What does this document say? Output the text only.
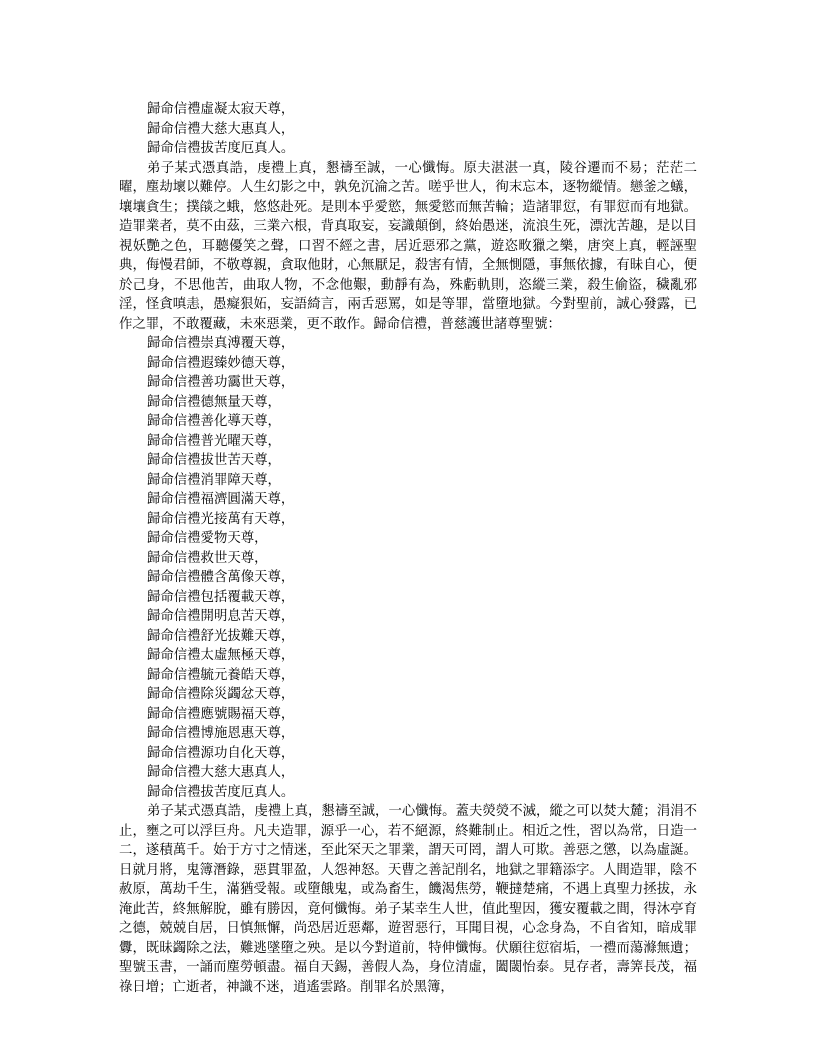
歸命信禮虛凝太寂天尊，
歸命信禮大慈大惠真人，
歸命信禮拔苦度厄真人。
弟子某式憑真誥，虔禮上真，懇禱至誠，一心懺悔。原夫湛湛一真，陵谷遷而不易；茫茫二曜，塵劫壞以難停。人生幻影之中，孰免沉淪之苦。嗟乎世人，徇末忘本，逐物縱情。戀釜之蟻，壤壤貪生；撲燄之蛾，悠悠赴死。是則本乎愛慾，無愛慾而無苦輪；造諸罪愆，有罪愆而有地獄。造罪業者，莫不由茲，三業六根，背真取妄，妄識顛倒，終始愚迷，流浪生死，漂沈苦趣，是以目視妖艷之色，耳聽優笑之聲，口習不經之書，居近惡邪之黨，遊恣畋獵之樂，唐突上真，輕誣聖典，侮慢君師，不敬尊親，貪取他財，心無厭足，殺害有情，全無惻隱，事無依據，有昧自心，便於己身，不思他苦，曲取人物，不念他艱，動靜有為，殊虧軌則，恣縱三業，殺生偷盜，穢亂邪淫，怪貪嗔恚，愚癡狠妬，妄語綺言，兩舌惡罵，如是等罪，當墮地獄。今對聖前，誠心發露，已作之罪，不敢覆藏，未來惡業，更不敢作。歸命信禮，普慈護世諸尊聖號：
歸命信禮崇真溥覆天尊，
歸命信禮遐臻妙德天尊，
歸命信禮善功靄世天尊，
歸命信禮德無量天尊，
歸命信禮善化導天尊，
歸命信禮普光曜天尊，
歸命信禮拔世苦天尊，
歸命信禮消罪障天尊，
歸命信禮福濟圓滿天尊，
歸命信禮光接萬有天尊，
歸命信禮愛物天尊，
歸命信禮救世天尊，
歸命信禮體含萬像天尊，
歸命信禮包括覆載天尊，
歸命信禮開明息苦天尊，
歸命信禮舒光拔難天尊，
歸命信禮太虛無極天尊，
歸命信禮毓元養皓天尊，
歸命信禮除災蠲忿天尊，
歸命信禮應號賜福天尊，
歸命信禮博施恩惠天尊，
歸命信禮源功自化天尊，
歸命信禮大慈大惠真人，
歸命信禮拔苦度厄真人。
弟子某式憑真誥，虔禮上真，懇禱至誠，一心懺悔。蓋夫熒熒不滅，縱之可以焚大麓；涓涓不止，壅之可以浮巨舟。凡夫造罪，源乎一心，若不絕源，終難制止。相近之性，習以為常，日造一二，遂積萬千。始于方寸之情迷，至此罙天之罪業，謂天可罔，謂人可欺。善惡之懲，以為虛誕。日就月將，鬼簿潛錄，惡貫罪盈，人怨神怒。天曹之善記削名，地獄之罪籍添字。人間造罪，陰不赦原，萬劫千生，滿猶受報。或墮餓鬼，或為畜生，饑渴焦勞，鞭撻楚痛，不遇上真聖力拯拔，永淹此苦，終無解脫，雖有勝因，竟何懺悔。弟子某幸生人世，值此聖因，獲安覆載之間，得沐亭育之德，兢兢自居，日慎無懈，尚恐居近惡鄰，遊習惡行，耳聞目視，心念身為，不自省知，暗成罪釁，既昧蠲除之法，難逃墜墮之殃。是以今對道前，特伸懺悔。伏願往愆宿垢，一禮而蕩滌無遺；聖號玉書，一誦而塵勞頓盡。福自天錫，善假人為，身位清虛，闔閾怡泰。見存者，壽筭長茂，福祿日增；亡逝者，神識不迷，逍遙雲路。削罪名於黑簿，
